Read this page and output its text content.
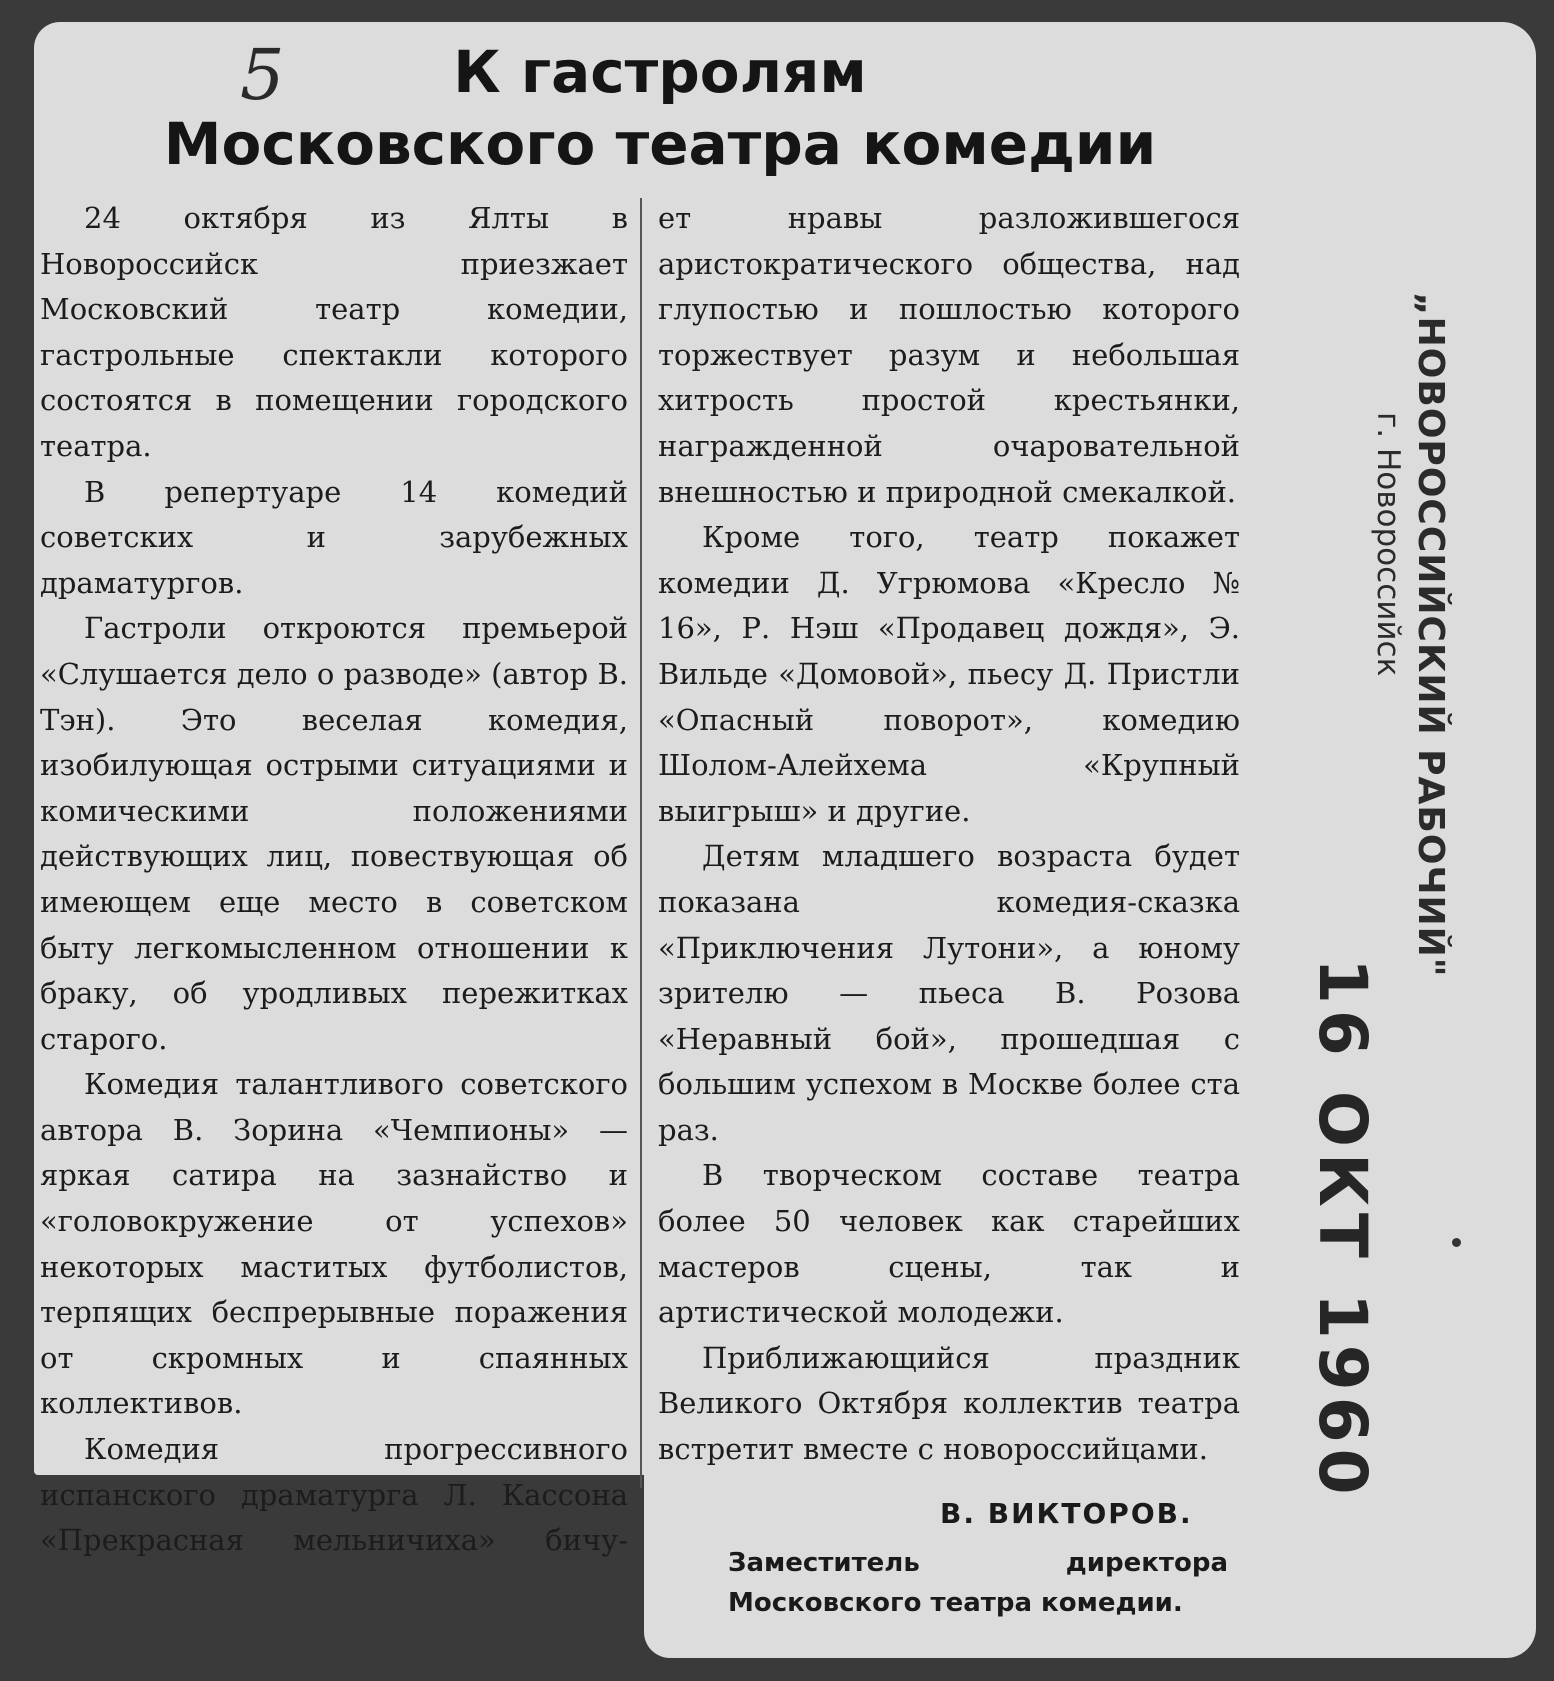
5	К гастролям
Московского театра комедии

24 октября из Ялты в Новороссийск приезжает Московский театр комедии, гастрольные спектакли которого состоятся в помещении городского театра.

В репертуаре 14 комедий советских и зарубежных драматургов.

Гастроли откроются премьерой «Слушается дело о разводе» (автор В. Тэн). Это веселая комедия, изобилующая острыми ситуациями и комическими положениями действующих лиц, повествующая об имеющем еще место в советском быту легкомысленном отношении к браку, об уродливых пережитках старого.

Комедия талантливого советского автора В. Зорина «Чемпионы» — яркая сатира на зазнайство и «головокружение от успехов» некоторых маститых футболистов, терпящих беспрерывные поражения от скромных и спаянных коллективов.

Комедия прогрессивного испанского драматурга Л. Кассона «Прекрасная мельничиха» бичу-

ет нравы разложившегося аристократического общества, над глупостью и пошлостью которого торжествует разум и небольшая хитрость простой крестьянки, награжденной очаровательной внешностью и природной смекалкой.

Кроме того, театр покажет комедии Д. Угрюмова «Кресло № 16», Р. Нэш «Продавец дождя», Э. Вильде «Домовой», пьесу Д. Пристли «Опасный поворот», комедию Шолом-Алейхема «Крупный выигрыш» и другие.

Детям младшего возраста будет показана комедия-сказка «Приключения Лутони», а юному зрителю — пьеса В. Розова «Неравный бой», прошедшая с большим успехом в Москве более ста раз.

В творческом составе театра более 50 человек как старейших мастеров сцены, так и артистической молодежи.

Приближающийся праздник Великого Октября коллектив театра встретит вместе с новороссийцами.

В. ВИКТОРОВ.
Заместитель директора Московского театра комедии.
„НОВОРОССИЙСКИЙ РАБОЧИЙ"
г. Новороссийск
16 ОКТ 1960
